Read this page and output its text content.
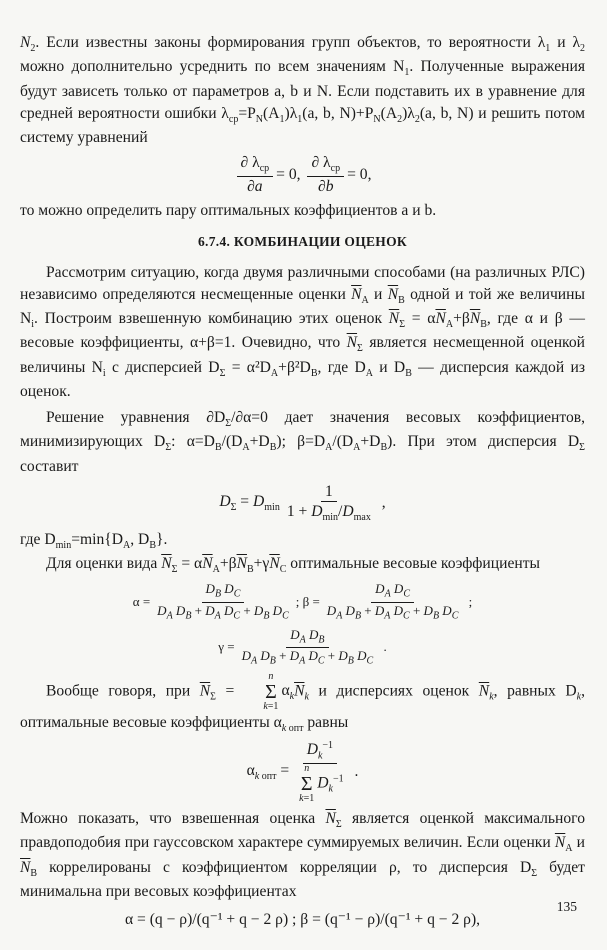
$N_2$. Если известны законы формирования групп объектов, то вероятности $\lambda_1$ и $\lambda_2$ можно дополнительно усреднить по всем значениям $N_1$. Полученные выражения будут зависеть только от параметров a, b и N. Если подставить их в уравнение для средней вероятности ошибки $\lambda_{ср}=P_N(A_1)\lambda_1(a$, b, $N)+P_N(A_2)\lambda_2(a$, b, N) и решить потом систему уравнений

$\frac{\partial \lambda_{ср}}{\partial a} = 0$, $\frac{\partial \lambda_{ср}}{\partial b} = 0$,

то можно определить пару оптимальных коэффициентов a и b.

6.7.4. КОМБИНАЦИИ ОЦЕНОК

Рассмотрим ситуацию, когда двумя различными способами (на различных РЛС) независимо определяются несмещенные оценки $\overline{N}_A$ и $\overline{N}_B$ одной и той же величины $N_i$. Построим взвешенную комбинацию этих оценок $\overline{N}_\Sigma = \alpha\overline{N}_A+\beta\overline{N}_B$, где α и β — весовые коэффициенты, α+β=1. Очевидно, что $\overline{N}_\Sigma$ является несмещенной оценкой величины $N_i$ с дисперсией $D_\Sigma = \alpha^2D_A+\beta^2D_B$, где $D_A$ и $D_B$ — дисперсия каждой из оценок.

Решение уравнения $\partial D_\Sigma/\partial\alpha=0$ дает значения весовых коэффициентов, минимизирующих $D_\Sigma$: $\alpha=D_B/(D_A+D_B)$; $\beta=D_A/(D_A+D_B)$. При этом дисперсия $D_\Sigma$ составит

$D_\Sigma = D_{min} \frac{1}{1 + D_{min}/D_{max}}$ ,

где $D_{min}=\min\{D_A$, $D_B$}.

Для оценки вида $\overline{N}_\Sigma = \alpha\overline{N}_A+\beta\overline{N}_B+\gamma\overline{N}_C$ оптимальные весовые коэффициенты

$\alpha = \frac{D_B D_C}{D_A D_B + D_A D_C + D_B D_C}$ ; $\beta = \frac{D_A D_C}{D_A D_B + D_A D_C + D_B D_C}$ ;
$\gamma = \frac{D_A D_B}{D_A D_B + D_A D_C + D_B D_C}$ .

Вообще говоря, при $\overline{N}_\Sigma$ =
n
Σ
k=1
$\alpha_k\overline{N}_k$ и дисперсиях оценок $\overline{N}_k$, равных $D_k$, оптимальные весовые коэффициенты $\alpha_{k опт}$ равны

$\alpha_{k опт} = D_k^{-1}$
n
Σ
k=1
$D_k^{-1}$ .

Можно показать, что взвешенная оценка $\overline{N}_\Sigma$ является оценкой максимального правдоподобия при гауссовском характере суммируемых величин. Если оценки $\overline{N}_A$ и $\overline{N}_B$ коррелированы с коэффициентом корреляции ρ, то дисперсия $D_\Sigma$ будет минимальна при весовых коэффициентах

α = (q − ρ)/(q⁻¹ + q − 2 ρ) ; β = (q⁻¹ − ρ)/(q⁻¹ + q − 2 ρ),
135
